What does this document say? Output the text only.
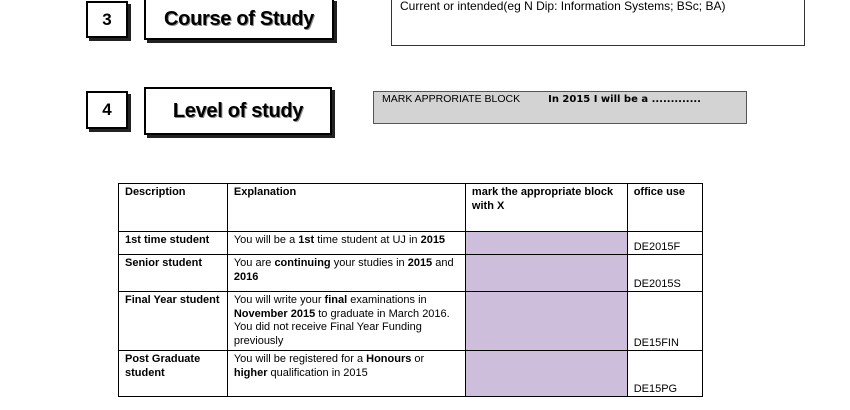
3	Course of Study
Current or intended(eg N Dip: Information Systems; BSc; BA)
4	Level of study
MARK APPRORIATE BLOCK	In 2015 I will be a .............
Description	Explanation	mark the appropriate block with X	office use
1st time student	You will be a 1st time student at UJ in 2015		DE2015F
Senior student	You are continuing your studies in 2015 and 2016		DE2015S
Final Year student	You will write your final examinations in November 2015 to graduate in March 2016. You did not receive Final Year Funding previously		DE15FIN
Post Graduate student	You will be registered for a Honours or higher qualification in 2015		DE15PG
